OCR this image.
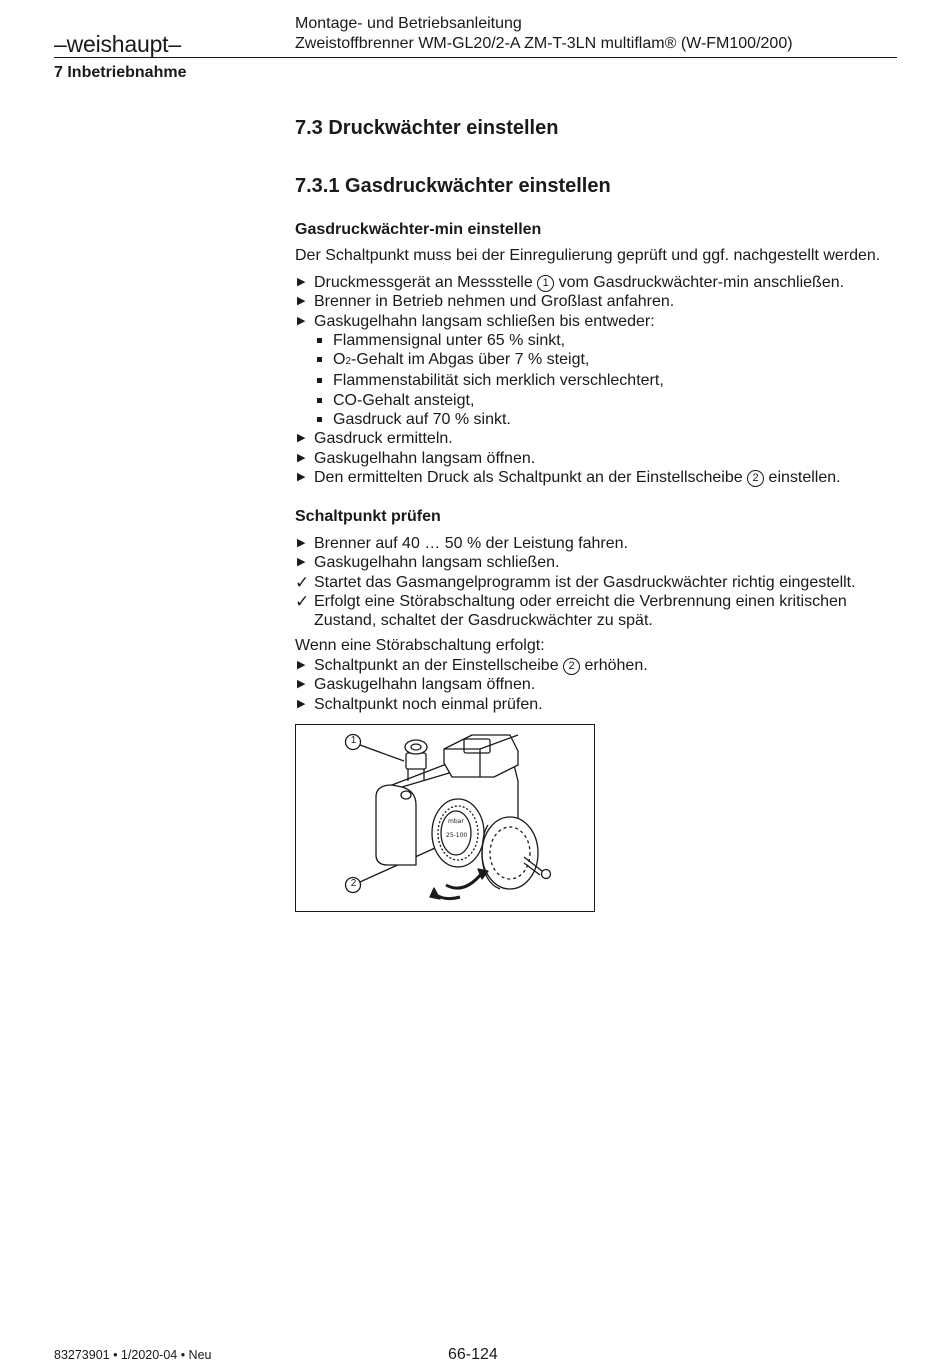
–weishaupt–
Montage- und Betriebsanleitung
Zweistoffbrenner WM-GL20/2-A ZM-T-3LN multiflam® (W-FM100/200)
7 Inbetriebnahme
7.3 Druckwächter einstellen
7.3.1 Gasdruckwächter einstellen
Gasdruckwächter-min einstellen
Der Schaltpunkt muss bei der Einregulierung geprüft und ggf. nachgestellt werden.
▶ Druckmessgerät an Messstelle 1 vom Gasdruckwächter-min anschließen.
▶ Brenner in Betrieb nehmen und Großlast anfahren.
▶ Gaskugelhahn langsam schließen bis entweder:
Flammensignal unter 65 % sinkt,
O2-Gehalt im Abgas über 7 % steigt,
Flammenstabilität sich merklich verschlechtert,
CO-Gehalt ansteigt,
Gasdruck auf 70 % sinkt.
▶ Gasdruck ermitteln.
▶ Gaskugelhahn langsam öffnen.
▶ Den ermittelten Druck als Schaltpunkt an der Einstellscheibe 2 einstellen.
Schaltpunkt prüfen
▶ Brenner auf 40 … 50 % der Leistung fahren.
▶ Gaskugelhahn langsam schließen.
✓ Startet das Gasmangelprogramm ist der Gasdruckwächter richtig eingestellt.
✓ Erfolgt eine Störabschaltung oder erreicht die Verbrennung einen kritischen Zustand, schaltet der Gasdruckwächter zu spät.
Wenn eine Störabschaltung erfolgt:
▶ Schaltpunkt an der Einstellscheibe 2 erhöhen.
▶ Gaskugelhahn langsam öffnen.
▶ Schaltpunkt noch einmal prüfen.
mbar
25-100
1
2
83273901 • 1/2020-04 • Neu	66-124
